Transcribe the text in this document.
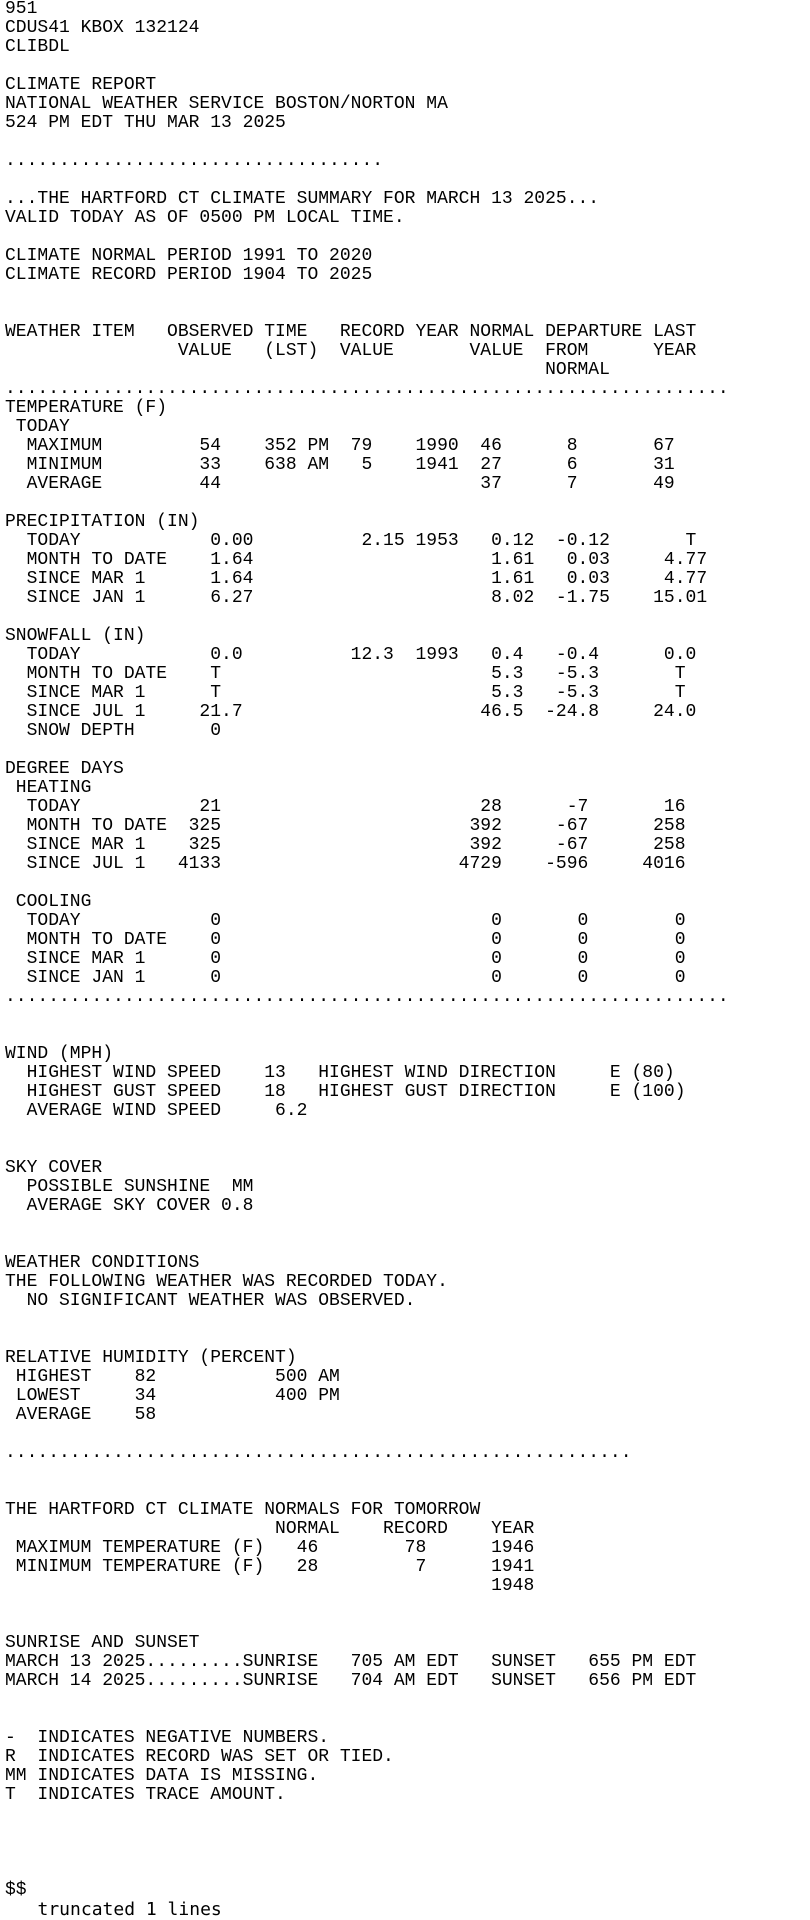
951
CDUS41 KBOX 132124
CLIBDL
CLIMATE REPORT
NATIONAL WEATHER SERVICE BOSTON/NORTON MA
524 PM EDT THU MAR 13 2025
...................................
...THE HARTFORD CT CLIMATE SUMMARY FOR MARCH 13 2025...
VALID TODAY AS OF 0500 PM LOCAL TIME.
CLIMATE NORMAL PERIOD 1991 TO 2020
CLIMATE RECORD PERIOD 1904 TO 2025
WEATHER ITEM   OBSERVED TIME   RECORD YEAR NORMAL DEPARTURE LAST
VALUE   (LST)  VALUE       VALUE  FROM      YEAR
NORMAL
...................................................................
TEMPERATURE (F)
TODAY
MAXIMUM         54    352 PM  79    1990  46      8       67
MINIMUM         33    638 AM   5    1941  27      6       31
AVERAGE         44                        37      7       49
PRECIPITATION (IN)
TODAY            0.00          2.15 1953   0.12  -0.12       T
MONTH TO DATE    1.64                      1.61   0.03     4.77
SINCE MAR 1      1.64                      1.61   0.03     4.77
SINCE JAN 1      6.27                      8.02  -1.75    15.01
SNOWFALL (IN)
TODAY            0.0          12.3  1993   0.4   -0.4      0.0
MONTH TO DATE    T                         5.3   -5.3       T
SINCE MAR 1      T                         5.3   -5.3       T
SINCE JUL 1     21.7                      46.5  -24.8     24.0
SNOW DEPTH       0
DEGREE DAYS
HEATING
TODAY           21                        28      -7       16
MONTH TO DATE  325                       392     -67      258
SINCE MAR 1    325                       392     -67      258
SINCE JUL 1   4133                      4729    -596     4016
COOLING
TODAY            0                         0       0        0
MONTH TO DATE    0                         0       0        0
SINCE MAR 1      0                         0       0        0
SINCE JAN 1      0                         0       0        0
...................................................................
WIND (MPH)
HIGHEST WIND SPEED    13   HIGHEST WIND DIRECTION     E (80)
HIGHEST GUST SPEED    18   HIGHEST GUST DIRECTION     E (100)
AVERAGE WIND SPEED     6.2
SKY COVER
POSSIBLE SUNSHINE  MM
AVERAGE SKY COVER 0.8
WEATHER CONDITIONS
THE FOLLOWING WEATHER WAS RECORDED TODAY.
NO SIGNIFICANT WEATHER WAS OBSERVED.
RELATIVE HUMIDITY (PERCENT)
HIGHEST    82           500 AM
LOWEST     34           400 PM
AVERAGE    58
..........................................................
THE HARTFORD CT CLIMATE NORMALS FOR TOMORROW
NORMAL    RECORD    YEAR
MAXIMUM TEMPERATURE (F)   46        78      1946
MINIMUM TEMPERATURE (F)   28         7      1941
1948
SUNRISE AND SUNSET
MARCH 13 2025.........SUNRISE   705 AM EDT   SUNSET   655 PM EDT
MARCH 14 2025.........SUNRISE   704 AM EDT   SUNSET   656 PM EDT
-  INDICATES NEGATIVE NUMBERS.
R  INDICATES RECORD WAS SET OR TIED.
MM INDICATES DATA IS MISSING.
T  INDICATES TRACE AMOUNT.
$$
truncated 1 lines
